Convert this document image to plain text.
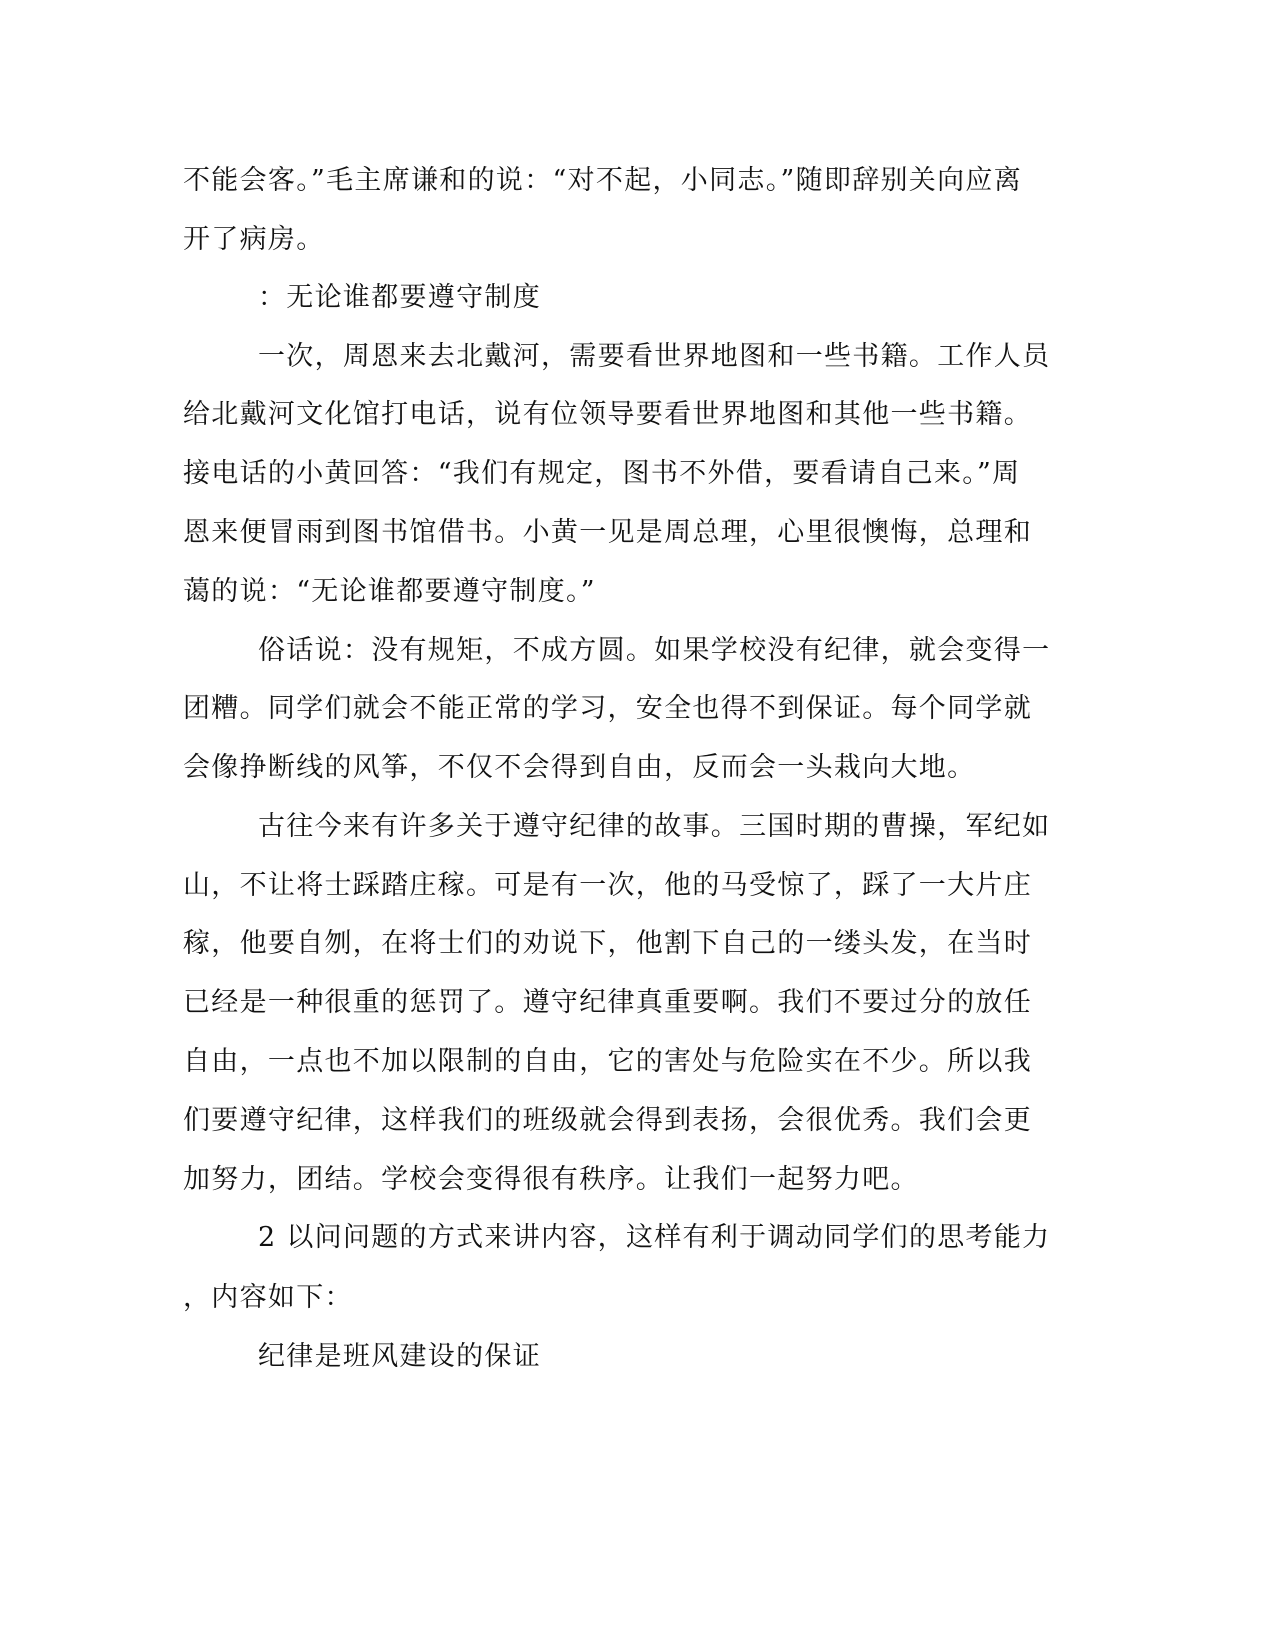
不能会客。”毛主席谦和的说：“对不起，小同志。”随即辞别关向应离
开了病房。
：无论谁都要遵守制度
一次，周恩来去北戴河，需要看世界地图和一些书籍。工作人员
给北戴河文化馆打电话，说有位领导要看世界地图和其他一些书籍。
接电话的小黄回答：“我们有规定，图书不外借，要看请自己来。”周
恩来便冒雨到图书馆借书。小黄一见是周总理，心里很懊悔，总理和
蔼的说：“无论谁都要遵守制度。”
俗话说：没有规矩，不成方圆。如果学校没有纪律，就会变得一
团糟。同学们就会不能正常的学习，安全也得不到保证。每个同学就
会像挣断线的风筝，不仅不会得到自由，反而会一头栽向大地。
古往今来有许多关于遵守纪律的故事。三国时期的曹操，军纪如
山，不让将士踩踏庄稼。可是有一次，他的马受惊了，踩了一大片庄
稼，他要自刎，在将士们的劝说下，他割下自己的一缕头发，在当时
已经是一种很重的惩罚了。遵守纪律真重要啊。我们不要过分的放任
自由，一点也不加以限制的自由，它的害处与危险实在不少。所以我
们要遵守纪律，这样我们的班级就会得到表扬，会很优秀。我们会更
加努力，团结。学校会变得很有秩序。让我们一起努力吧。
2 以问问题的方式来讲内容，这样有利于调动同学们的思考能力
，内容如下：
纪律是班风建设的保证
